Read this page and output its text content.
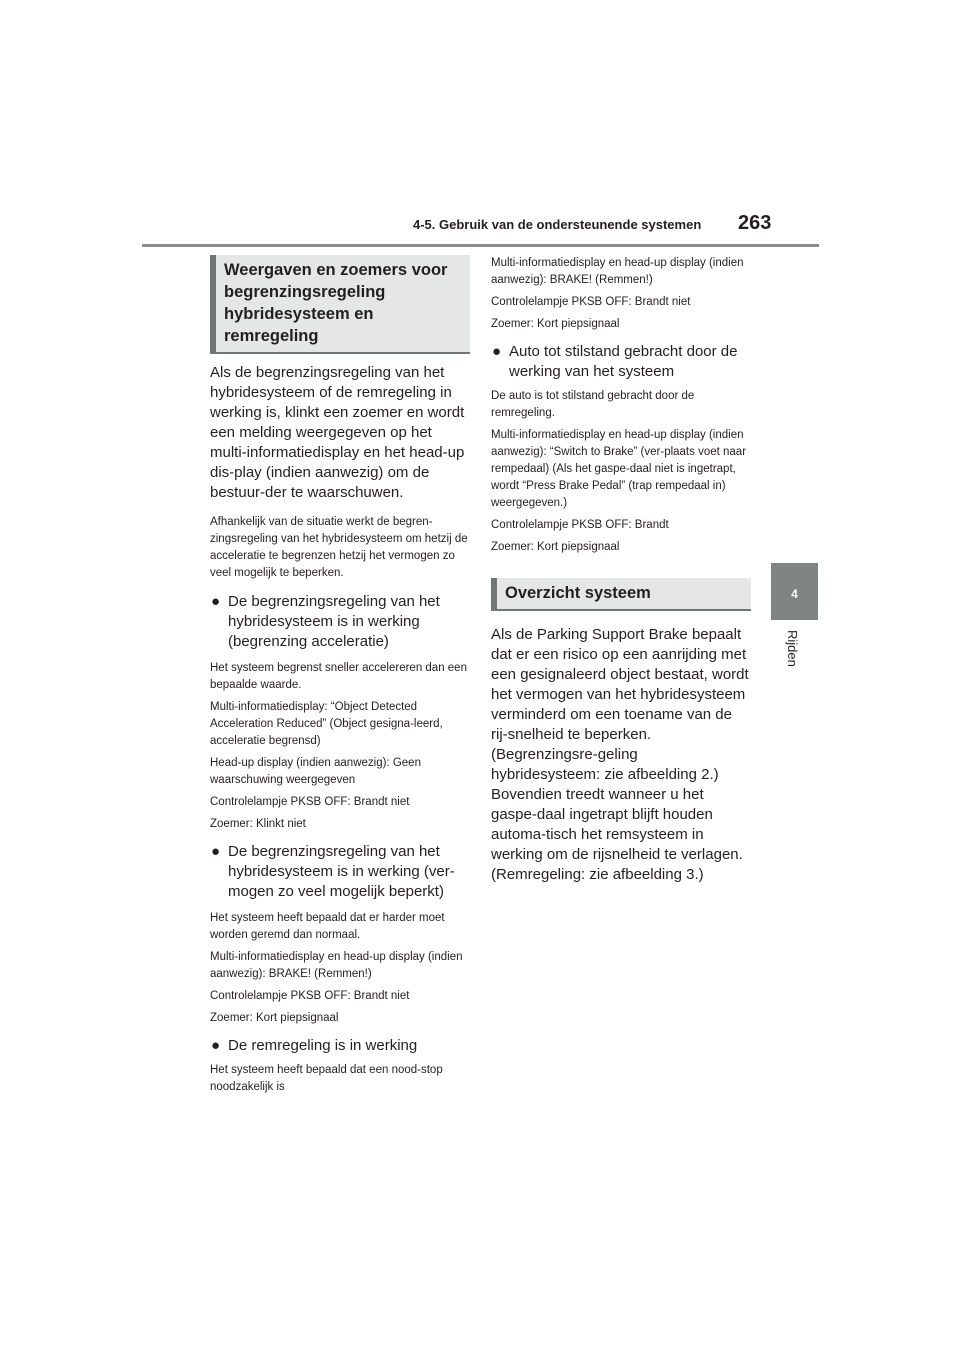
4-5. Gebruik van de ondersteunende systemen 263
4
Rijden
Weergaven en zoemers voor begrenzingsregeling hybridesysteem en remregeling

Als de begrenzingsregeling van het hybridesysteem of de remregeling in werking is, klinkt een zoemer en wordt een melding weergegeven op het multi-informatiedisplay en het head-up dis-play (indien aanwezig) om de bestuur-der te waarschuwen.

Afhankelijk van de situatie werkt de begren-zingsregeling van het hybridesysteem om hetzij de acceleratie te begrenzen hetzij het vermogen zo veel mogelijk te beperken.

● De begrenzingsregeling van het hybridesysteem is in werking (begrenzing acceleratie)

Het systeem begrenst sneller accelereren dan een bepaalde waarde.

Multi-informatiedisplay: “Object Detected Acceleration Reduced” (Object gesigna-leerd, acceleratie begrensd)

Head-up display (indien aanwezig): Geen waarschuwing weergegeven

Controlelampje PKSB OFF: Brandt niet

Zoemer: Klinkt niet

● De begrenzingsregeling van het hybridesysteem is in werking (ver-mogen zo veel mogelijk beperkt)

Het systeem heeft bepaald dat er harder moet worden geremd dan normaal.

Multi-informatiedisplay en head-up display (indien aanwezig): BRAKE! (Remmen!)

Controlelampje PKSB OFF: Brandt niet

Zoemer: Kort piepsignaal

● De remregeling is in werking

Het systeem heeft bepaald dat een nood-stop noodzakelijk is

Multi-informatiedisplay en head-up display (indien aanwezig): BRAKE! (Remmen!)

Controlelampje PKSB OFF: Brandt niet

Zoemer: Kort piepsignaal

● Auto tot stilstand gebracht door de werking van het systeem

De auto is tot stilstand gebracht door de remregeling.

Multi-informatiedisplay en head-up display (indien aanwezig): “Switch to Brake” (ver-plaats voet naar rempedaal) (Als het gaspe-daal niet is ingetrapt, wordt “Press Brake Pedal” (trap rempedaal in) weergegeven.)

Controlelampje PKSB OFF: Brandt

Zoemer: Kort piepsignaal

Overzicht systeem

Als de Parking Support Brake bepaalt dat er een risico op een aanrijding met een gesignaleerd object bestaat, wordt het vermogen van het hybridesysteem verminderd om een toename van de rij-snelheid te beperken. (Begrenzingsre-geling hybridesysteem: zie afbeelding 2.)

Bovendien treedt wanneer u het gaspe-daal ingetrapt blijft houden automa-tisch het remsysteem in werking om de rijsnelheid te verlagen. (Remregeling: zie afbeelding 3.)
